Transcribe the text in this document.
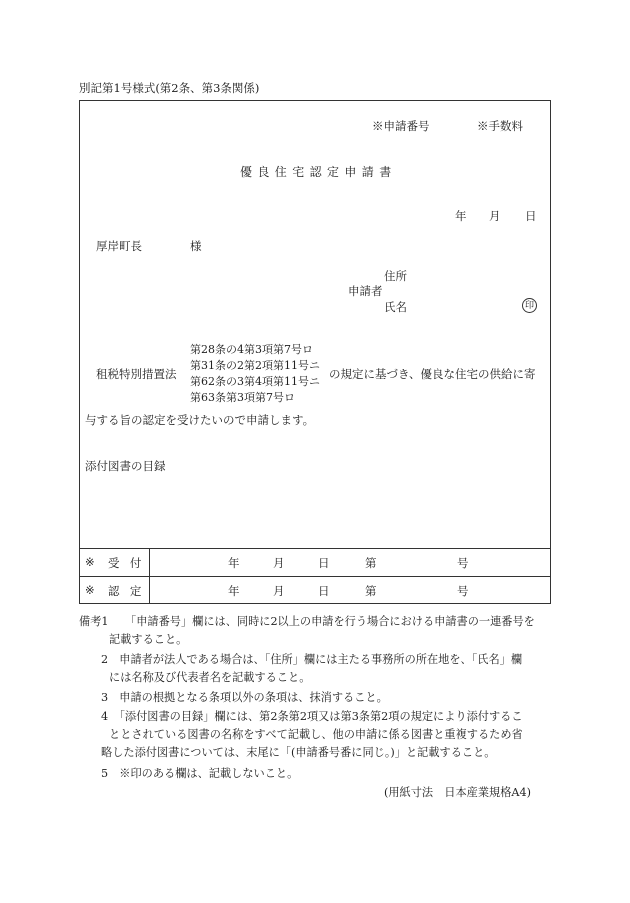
別記第1号様式(第2条、第3条関係)
※申請番号	※手数料
優良住宅認定申請書
年 月 日
厚岸町長	様
住所
申請者
氏名	印
租税特別措置法
第28条の4第3項第7号ロ
第31条の2第2項第11号ニ
第62条の3第4項第11号ニ
第63条第3項第7号ロ
の規定に基づき、優良な住宅の供給に寄
与する旨の認定を受けたいので申請します。
添付図書の目録
※ 受付	年	月	日	第	号
※ 認定	年	月	日	第	号
備考1 「申請番号」欄には、同時に2以上の申請を行う場合における申請書の一連番号を
記載すること。
2　申請者が法人である場合は、「住所」欄には主たる事務所の所在地を、「氏名」欄
には名称及び代表者名を記載すること。
3　申請の根拠となる条項以外の条項は、抹消すること。
4　「添付図書の目録」欄には、第2条第2項又は第3条第2項の規定により添付するこ
ととされている図書の名称をすべて記載し、他の申請に係る図書と重複するため省
略した添付図書については、末尾に「(申請番号番に同じ。)」と記載すること。
5　※印のある欄は、記載しないこと。
(用紙寸法　日本産業規格A4)
